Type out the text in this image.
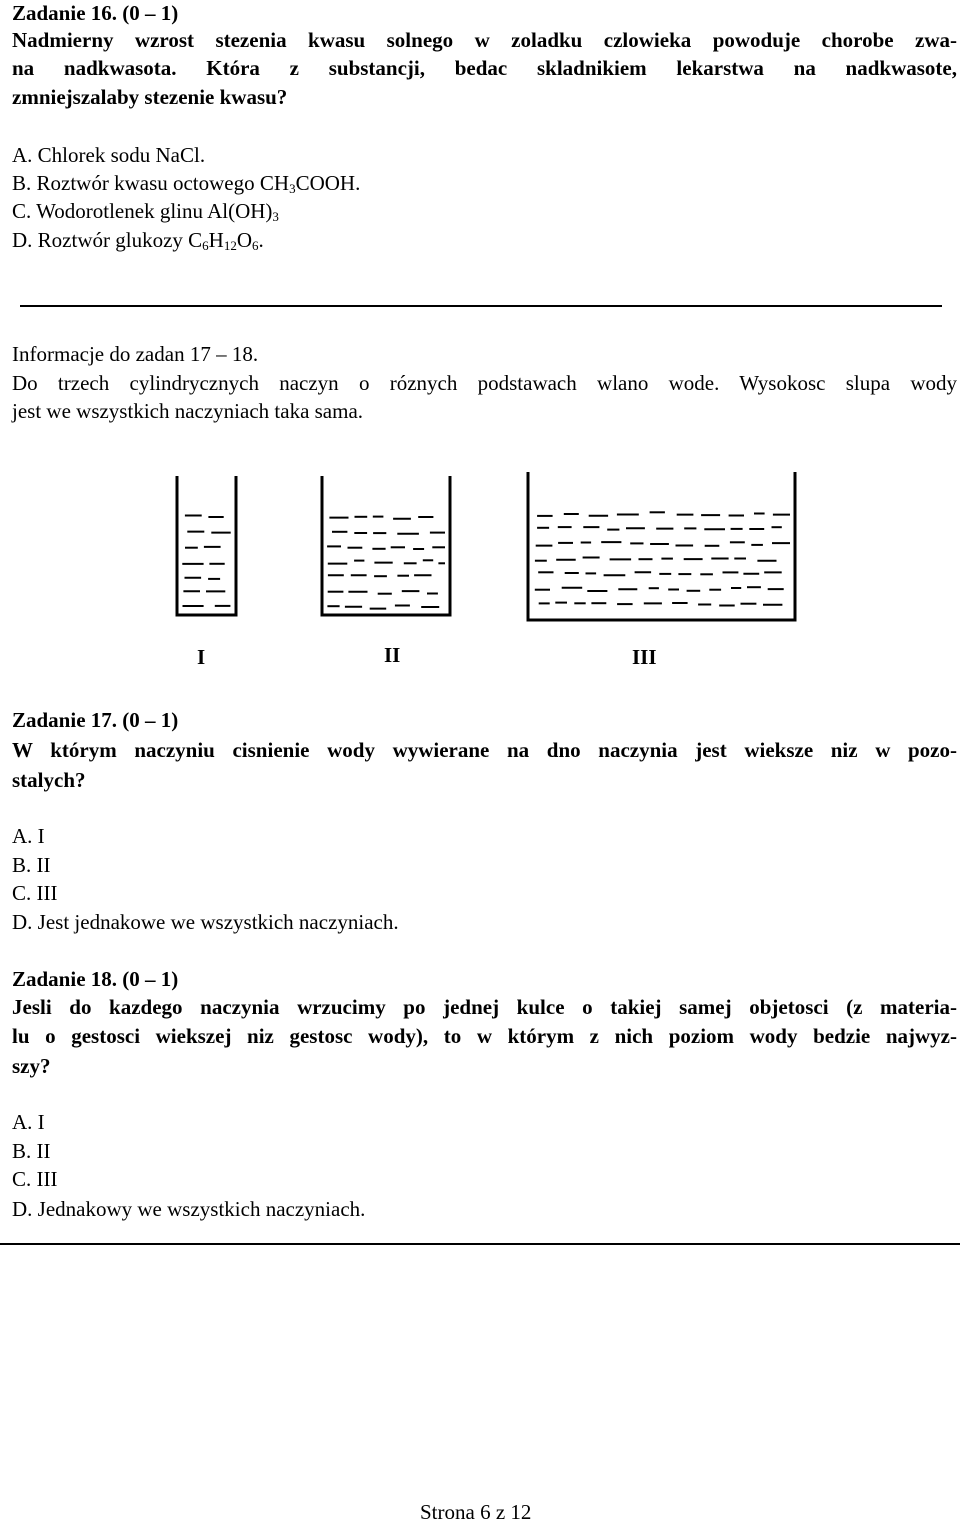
Zadanie 16. (0 – 1)
Nadmierny wzrost stezenia kwasu solnego w zoladku czlowieka powoduje chorobe zwa-
na nadkwasota. Która z substancji, bedac skladnikiem lekarstwa na nadkwasote,
zmniejszalaby stezenie kwasu?
A. Chlorek sodu NaCl.
B. Roztwór kwasu octowego $CH_3COOH$.
C. Wodorotlenek glinu $Al(OH)_3$
D. Roztwór glukozy $C_6H_{12}O_6$.
Informacje do zadan 17 – 18.
Do trzech cylindrycznych naczyn o róznych podstawach wlano wode. Wysokosc slupa wody
jest we wszystkich naczyniach taka sama.
I	II	III
Zadanie 17. (0 – 1)
W którym naczyniu cisnienie wody wywierane na dno naczynia jest wieksze niz w pozo-
stalych?
A. I
B. II
C. III
D. Jest jednakowe we wszystkich naczyniach.
Zadanie 18. (0 – 1)
Jesli do kazdego naczynia wrzucimy po jednej kulce o takiej samej objetosci (z materia-
lu o gestosci wiekszej niz gestosc wody), to w którym z nich poziom wody bedzie najwyz-
szy?
A. I
B. II
C. III
D. Jednakowy we wszystkich naczyniach.
Strona 6 z 12
